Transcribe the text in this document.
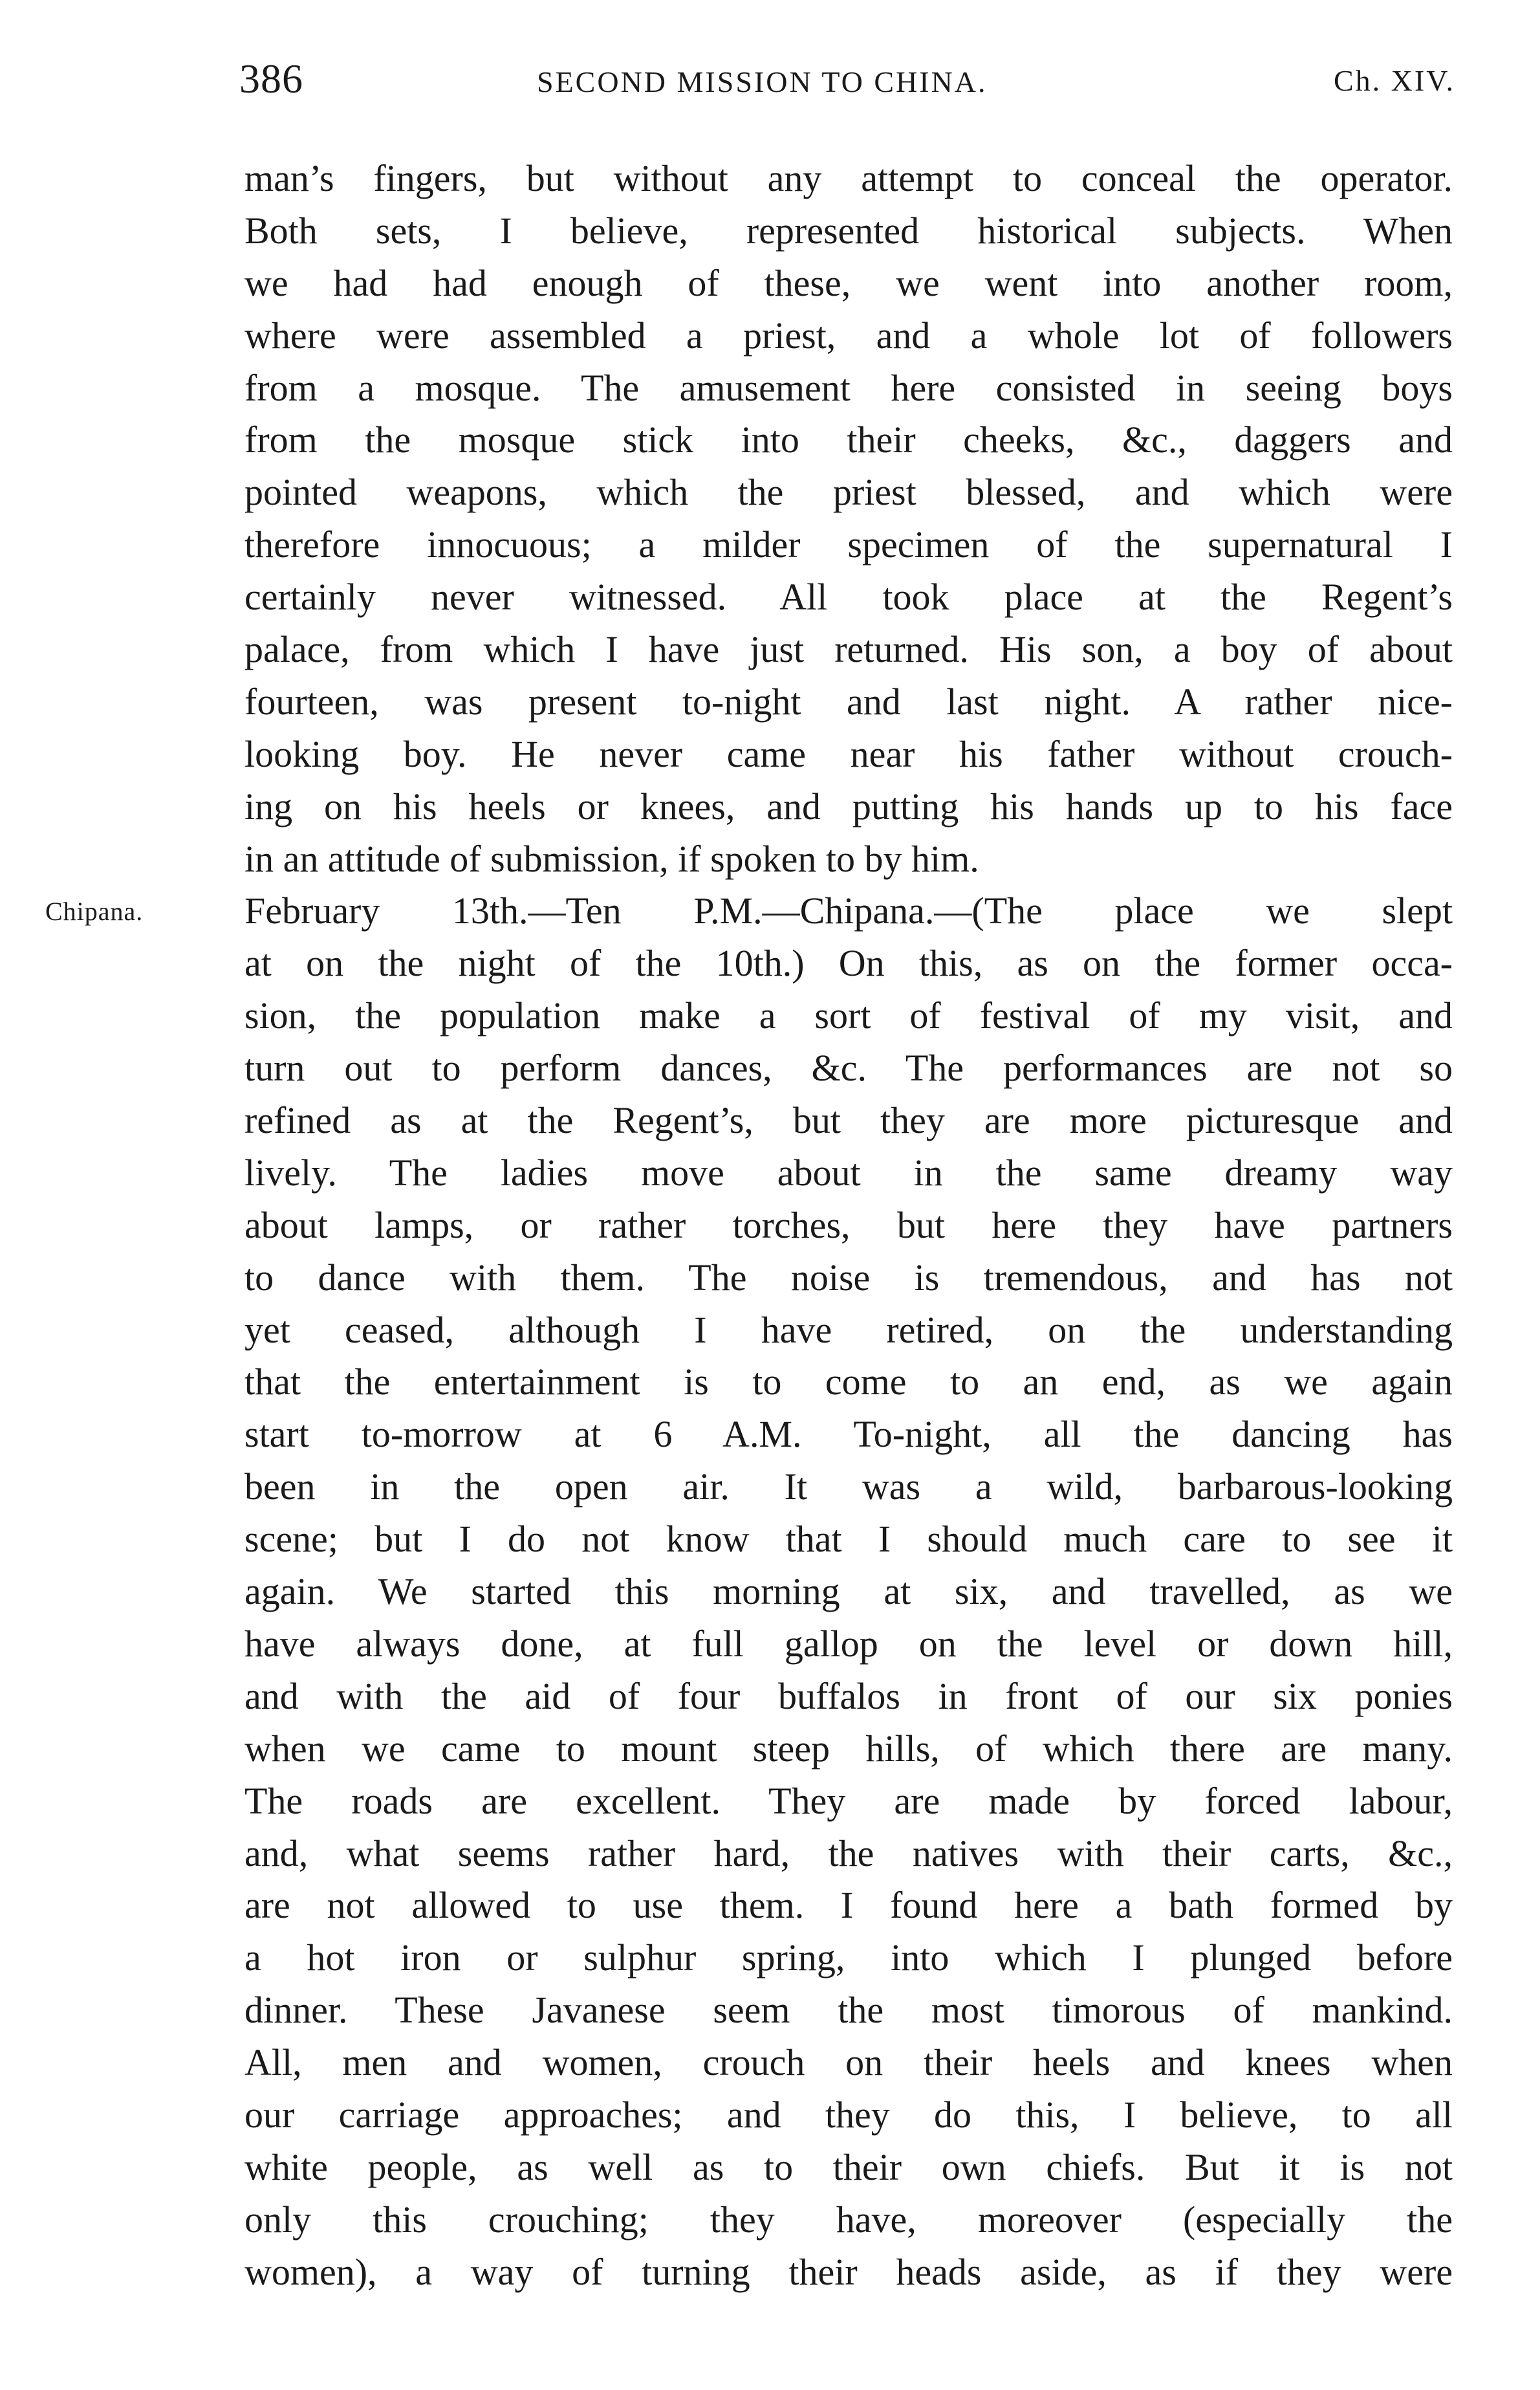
386	SECOND MISSION TO CHINA.	Ch. XIV.
Chipana.
man’s fingers, but without any attempt to conceal the operator.
Both sets, I believe, represented historical subjects. When
we had had enough of these, we went into another room,
where were assembled a priest, and a whole lot of followers
from a mosque. The amusement here consisted in seeing boys
from the mosque stick into their cheeks, &c., daggers and
pointed weapons, which the priest blessed, and which were
therefore innocuous; a milder specimen of the supernatural I
certainly never witnessed. All took place at the Regent’s
palace, from which I have just returned. His son, a boy of about
fourteen, was present to-night and last night. A rather nice-
looking boy. He never came near his father without crouch-
ing on his heels or knees, and putting his hands up to his face
in an attitude of submission, if spoken to by him.
February 13th.—Ten P.M.—Chipana.—(The place we slept
at on the night of the 10th.) On this, as on the former occa-
sion, the population make a sort of festival of my visit, and
turn out to perform dances, &c. The performances are not so
refined as at the Regent’s, but they are more picturesque and
lively. The ladies move about in the same dreamy way
about lamps, or rather torches, but here they have partners
to dance with them. The noise is tremendous, and has not
yet ceased, although I have retired, on the understanding
that the entertainment is to come to an end, as we again
start to-morrow at 6 A.M. To-night, all the dancing has
been in the open air. It was a wild, barbarous-looking
scene; but I do not know that I should much care to see it
again. We started this morning at six, and travelled, as we
have always done, at full gallop on the level or down hill,
and with the aid of four buffalos in front of our six ponies
when we came to mount steep hills, of which there are many.
The roads are excellent. They are made by forced labour,
and, what seems rather hard, the natives with their carts, &c.,
are not allowed to use them. I found here a bath formed by
a hot iron or sulphur spring, into which I plunged before
dinner. These Javanese seem the most timorous of mankind.
All, men and women, crouch on their heels and knees when
our carriage approaches; and they do this, I believe, to all
white people, as well as to their own chiefs. But it is not
only this crouching; they have, moreover (especially the
women), a way of turning their heads aside, as if they were
